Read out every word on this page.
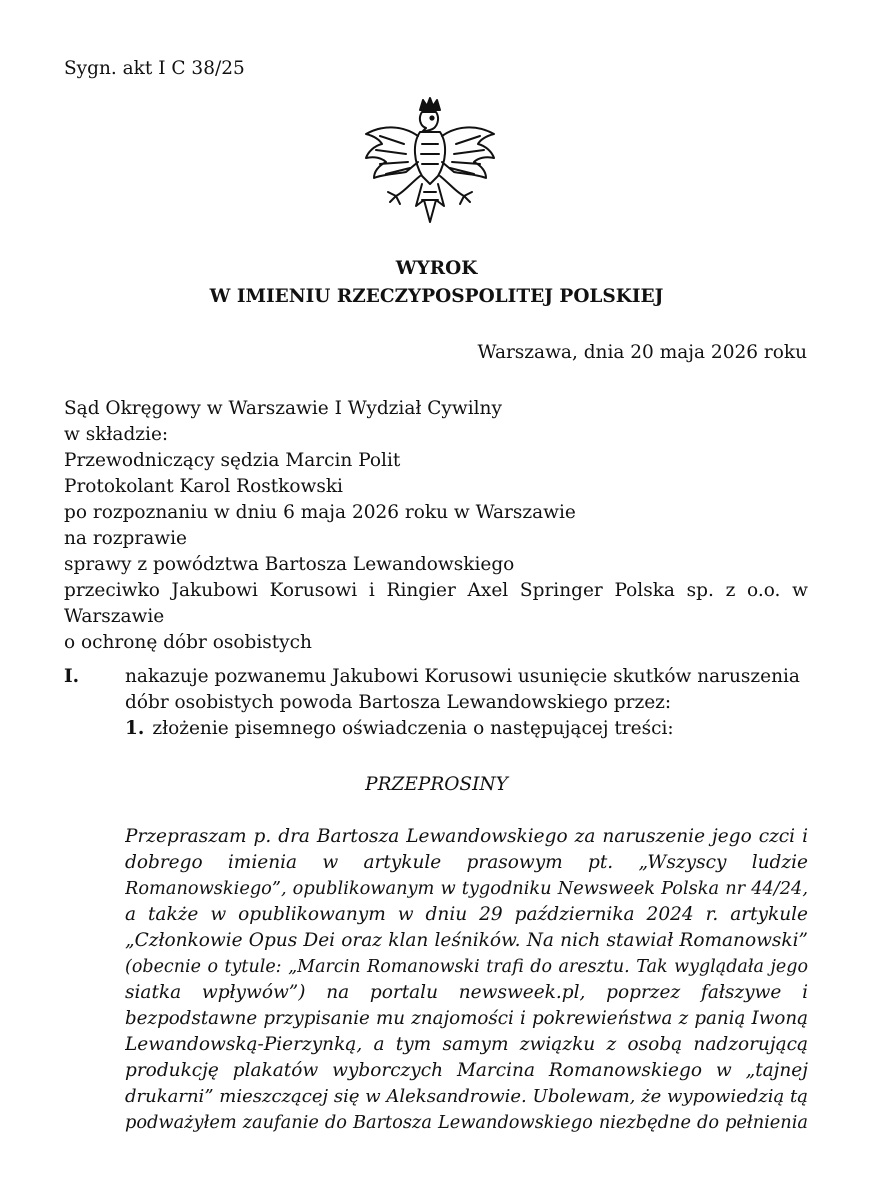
Sygn. akt I C 38/25
WYROK
W IMIENIU RZECZYPOSPOLITEJ POLSKIEJ
Warszawa, dnia 20 maja 2026 roku
Sąd Okręgowy w Warszawie I Wydział Cywilny
w składzie:
Przewodniczący sędzia Marcin Polit
Protokolant Karol Rostkowski
po rozpoznaniu w dniu 6 maja 2026 roku w Warszawie
na rozprawie
sprawy z powództwa Bartosza Lewandowskiego
przeciwko Jakubowi Korusowi i Ringier Axel Springer Polska sp. z o.o. w
Warszawie
o ochronę dóbr osobistych
I. nakazuje pozwanemu Jakubowi Korusowi usunięcie skutków naruszenia
dóbr osobistych powoda Bartosza Lewandowskiego przez:
1. złożenie pisemnego oświadczenia o następującej treści:
PRZEPROSINY
Przepraszam p. dra Bartosza Lewandowskiego za naruszenie jego czci i
dobrego imienia w artykule prasowym pt. „Wszyscy ludzie
Romanowskiego”, opublikowanym w tygodniku Newsweek Polska nr 44/24,
a także w opublikowanym w dniu 29 października 2024 r. artykule
„Członkowie Opus Dei oraz klan leśników. Na nich stawiał Romanowski”
(obecnie o tytule: „Marcin Romanowski trafi do aresztu. Tak wyglądała jego
siatka wpływów”) na portalu newsweek.pl, poprzez fałszywe i
bezpodstawne przypisanie mu znajomości i pokrewieństwa z panią Iwoną
Lewandowską-Pierzynką, a tym samym związku z osobą nadzorującą
produkcję plakatów wyborczych Marcina Romanowskiego w „tajnej
drukarni” mieszczącej się w Aleksandrowie. Ubolewam, że wypowiedzią tą
podważyłem zaufanie do Bartosza Lewandowskiego niezbędne do pełnienia
